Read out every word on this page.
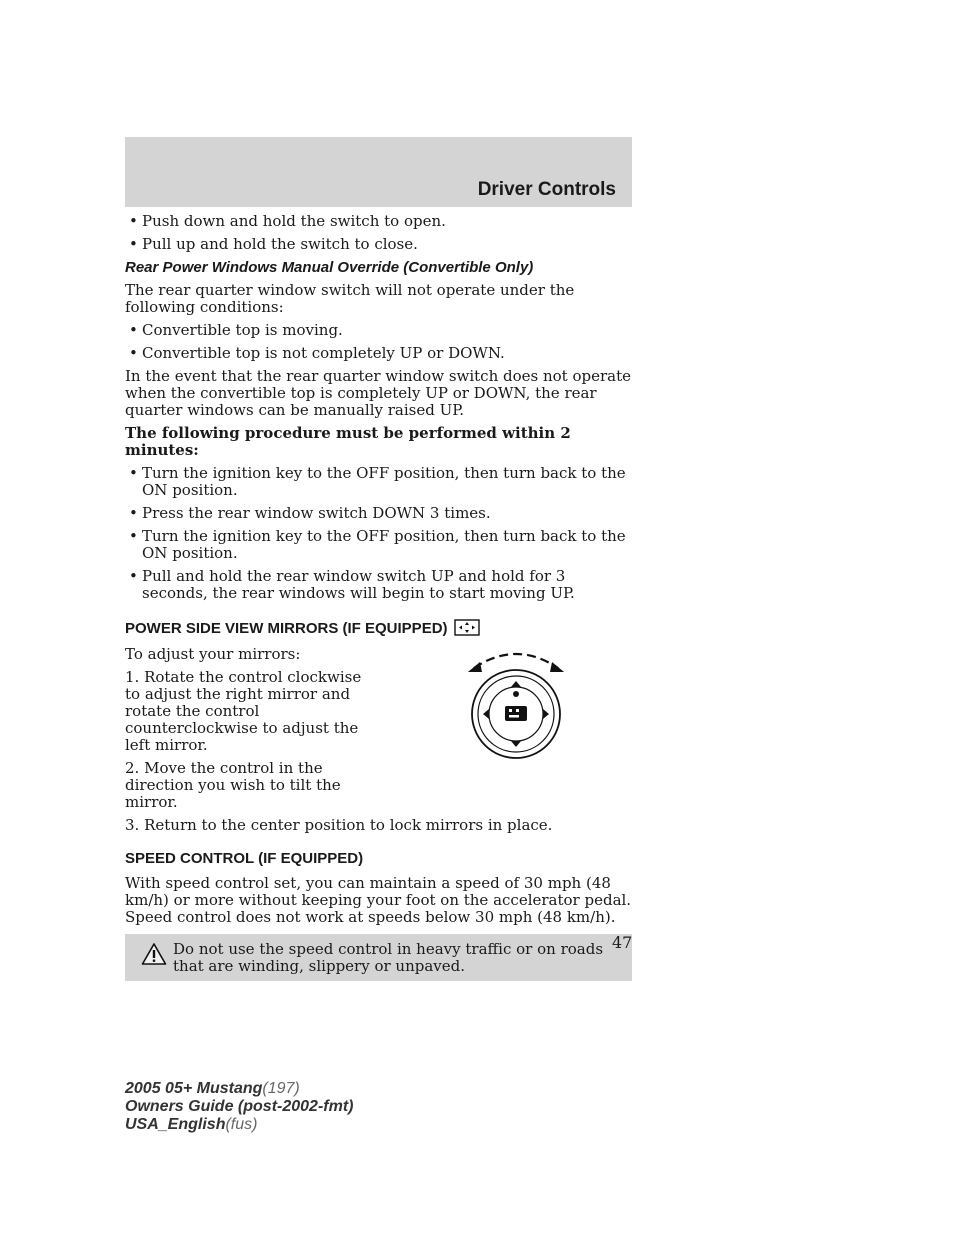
Driver Controls
• Push down and hold the switch to open.
• Pull up and hold the switch to close.
Rear Power Windows Manual Override (Convertible Only)
The rear quarter window switch will not operate under the following conditions:
• Convertible top is moving.
• Convertible top is not completely UP or DOWN.
In the event that the rear quarter window switch does not operate when the convertible top is completely UP or DOWN, the rear quarter windows can be manually raised UP.
The following procedure must be performed within 2 minutes:
• Turn the ignition key to the OFF position, then turn back to the ON position.
• Press the rear window switch DOWN 3 times.
• Turn the ignition key to the OFF position, then turn back to the ON position.
• Pull and hold the rear window switch UP and hold for 3 seconds, the rear windows will begin to start moving UP.
POWER SIDE VIEW MIRRORS (IF EQUIPPED)
To adjust your mirrors:
1. Rotate the control clockwise to adjust the right mirror and rotate the control counterclockwise to adjust the left mirror.
2. Move the control in the direction you wish to tilt the mirror.
3. Return to the center position to lock mirrors in place.
SPEED CONTROL (IF EQUIPPED)
With speed control set, you can maintain a speed of 30 mph (48 km/h) or more without keeping your foot on the accelerator pedal. Speed control does not work at speeds below 30 mph (48 km/h).
Do not use the speed control in heavy traffic or on roads that are winding, slippery or unpaved.
47
2005 05+ Mustang(197)
Owners Guide (post-2002-fmt)
USA_English(fus)
